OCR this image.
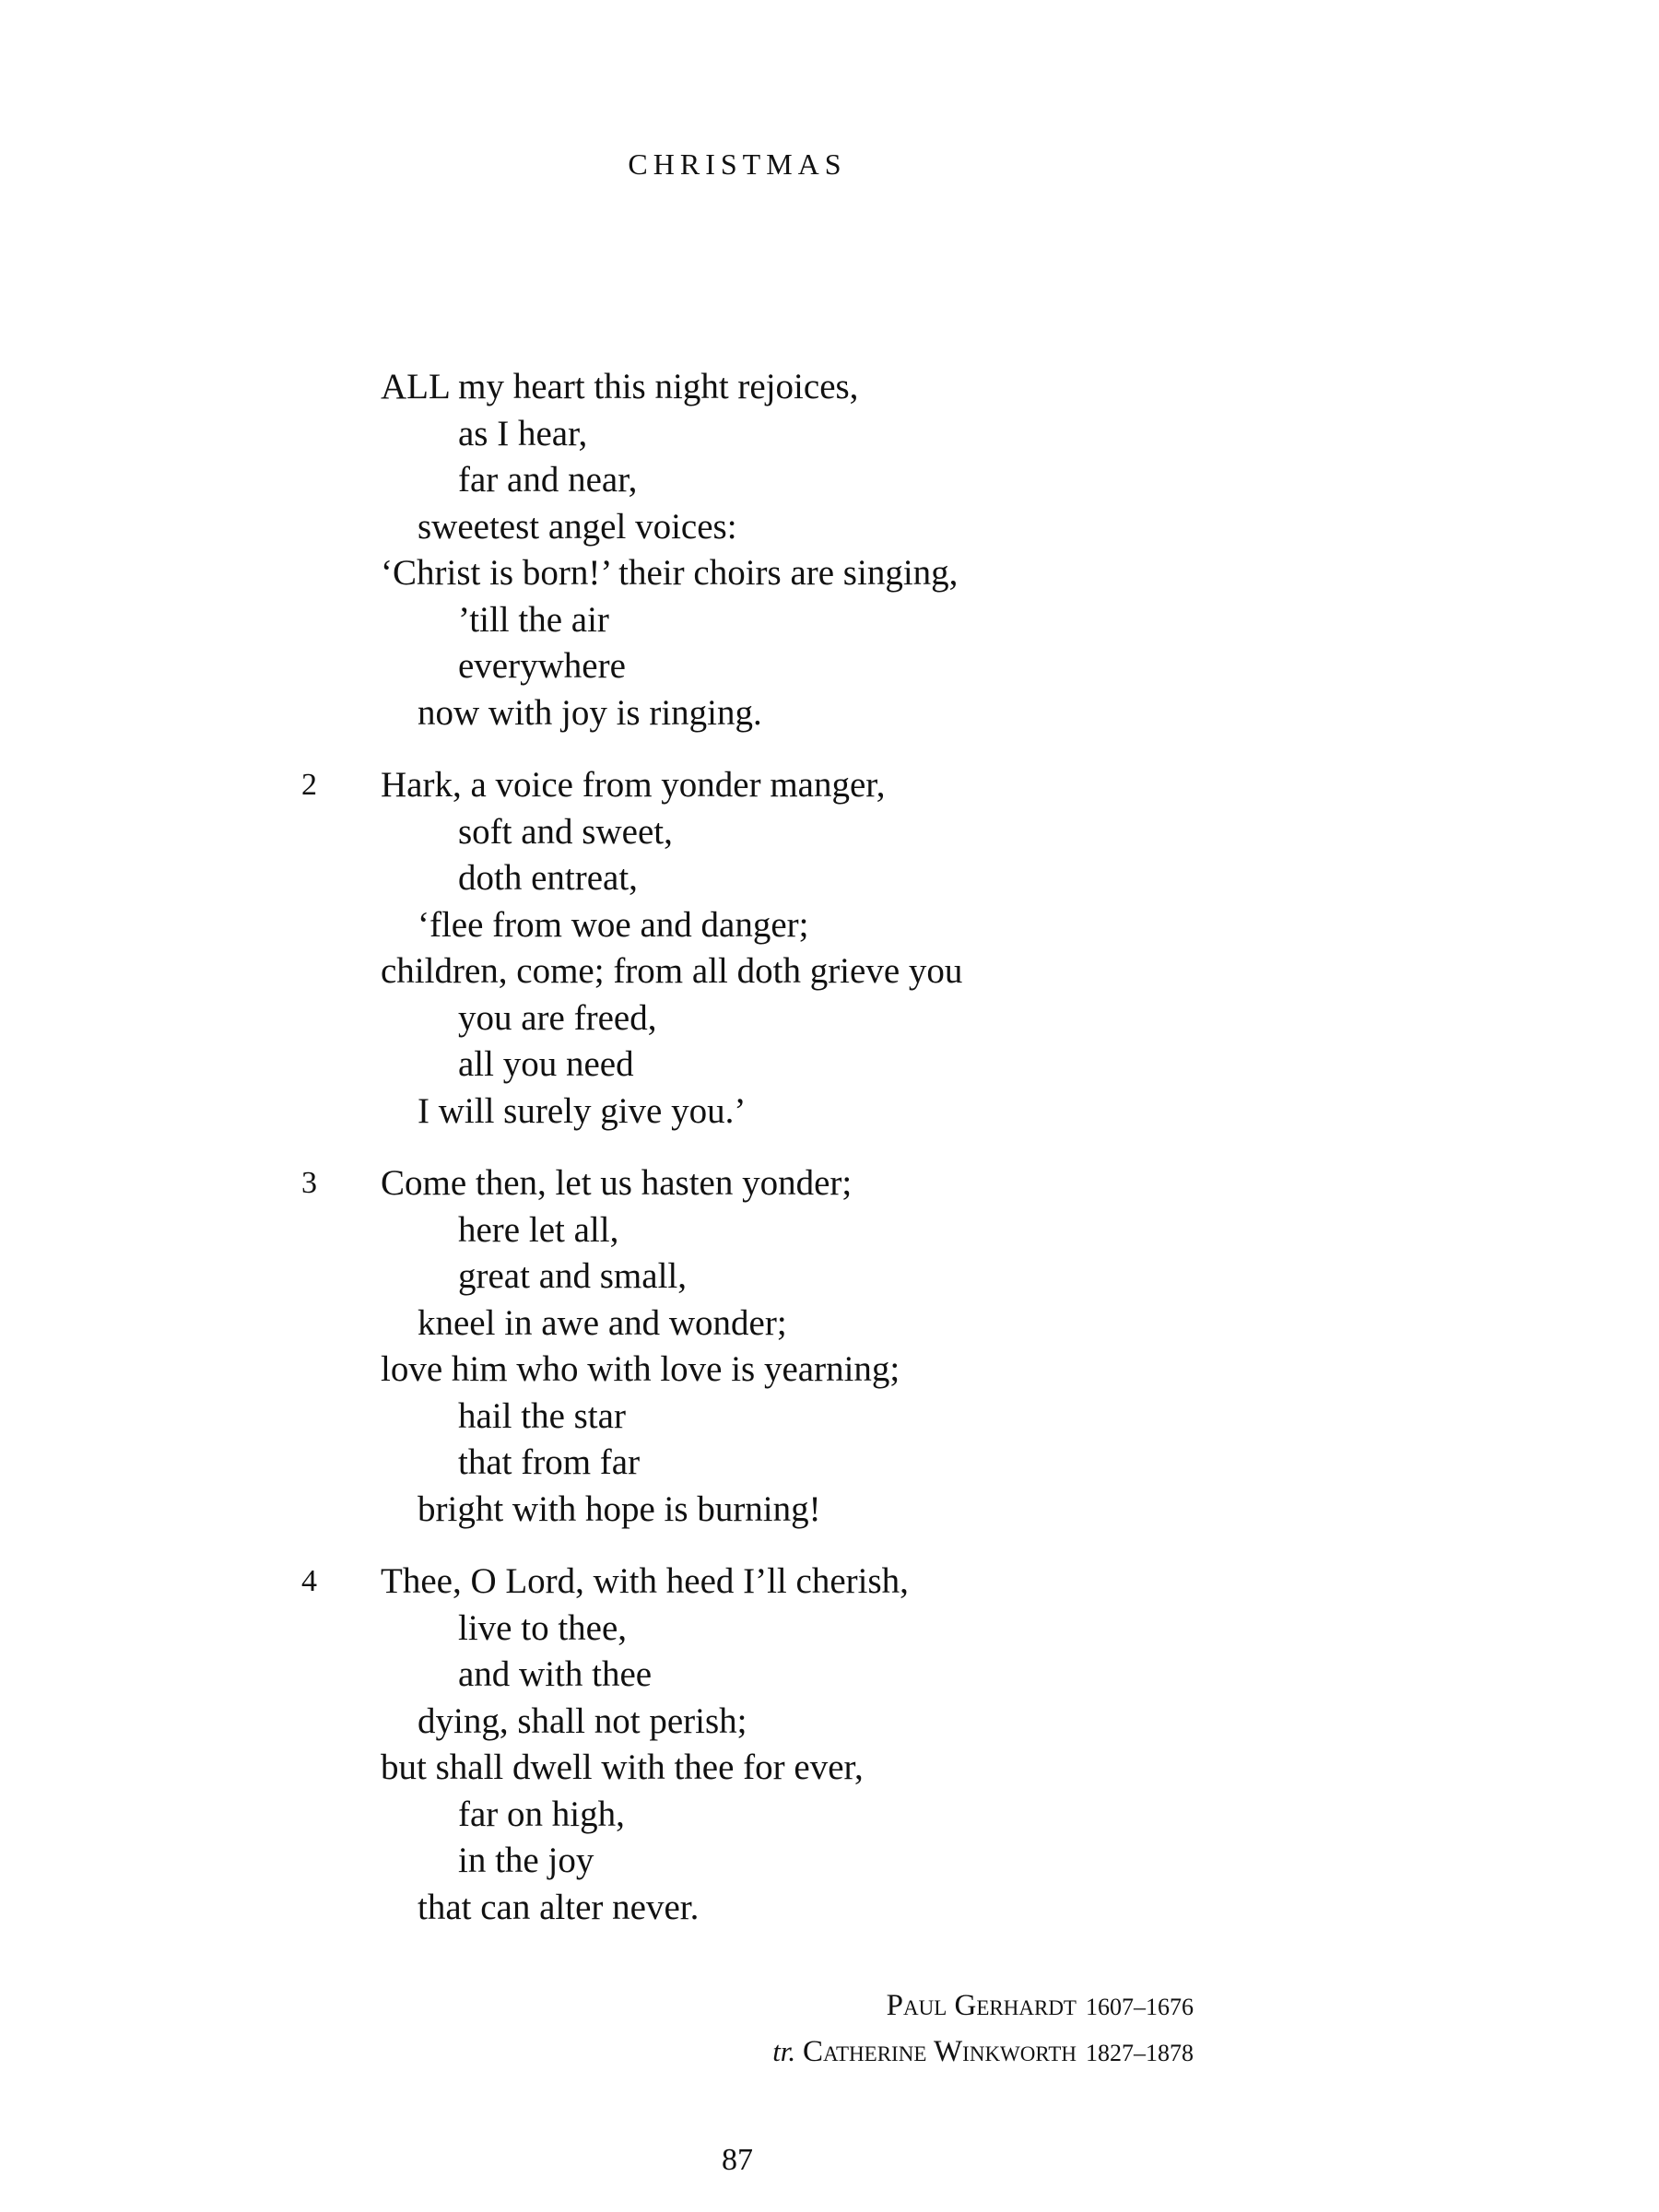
CHRISTMAS
ALL my heart this night rejoices,
as I hear,
far and near,
sweetest angel voices:
‘Christ is born!’ their choirs are singing,
’till the air
everywhere
now with joy is ringing.
2	Hark, a voice from yonder manger,
soft and sweet,
doth entreat,
‘flee from woe and danger;
children, come; from all doth grieve you
you are freed,
all you need
I will surely give you.’
3	Come then, let us hasten yonder;
here let all,
great and small,
kneel in awe and wonder;
love him who with love is yearning;
hail the star
that from far
bright with hope is burning!
4	Thee, O Lord, with heed I’ll cherish,
live to thee,
and with thee
dying, shall not perish;
but shall dwell with thee for ever,
far on high,
in the joy
that can alter never.
Paul Gerhardt 1607–1676
tr. Catherine Winkworth 1827–1878
87
